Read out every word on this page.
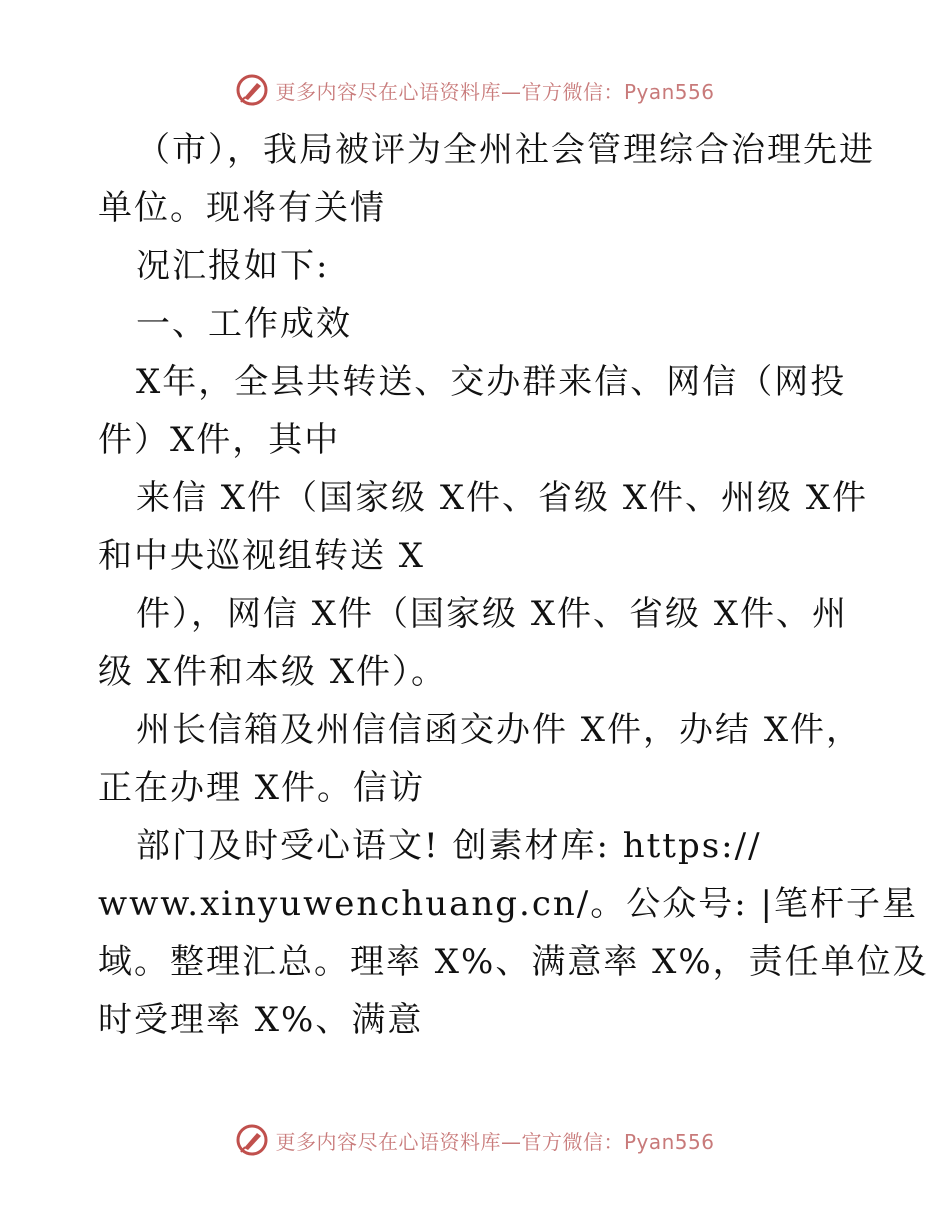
更多内容尽在心语资料库—官方微信：Pyan556
（市），我局被评为全州社会管理综合治理先进
单位。现将有关情
况汇报如下:
一、工作成效
X年，全县共转送、交办群来信、网信（网投
件）X件，其中
来信 X件（国家级 X件、省级 X件、州级 X件
和中央巡视组转送 X
件），网信 X件（国家级 X件、省级 X件、州
级 X件和本级 X件）。
州长信箱及州信信函交办件 X件，办结 X件，
正在办理 X件。信访
部门及时受心语文! 创素材库: https://
www.xinyuwenchuang.cn/。公众号: |笔杆子星
域。整理汇总。理率 X%、满意率 X%，责任单位及
时受理率 X%、满意
更多内容尽在心语资料库—官方微信：Pyan556
